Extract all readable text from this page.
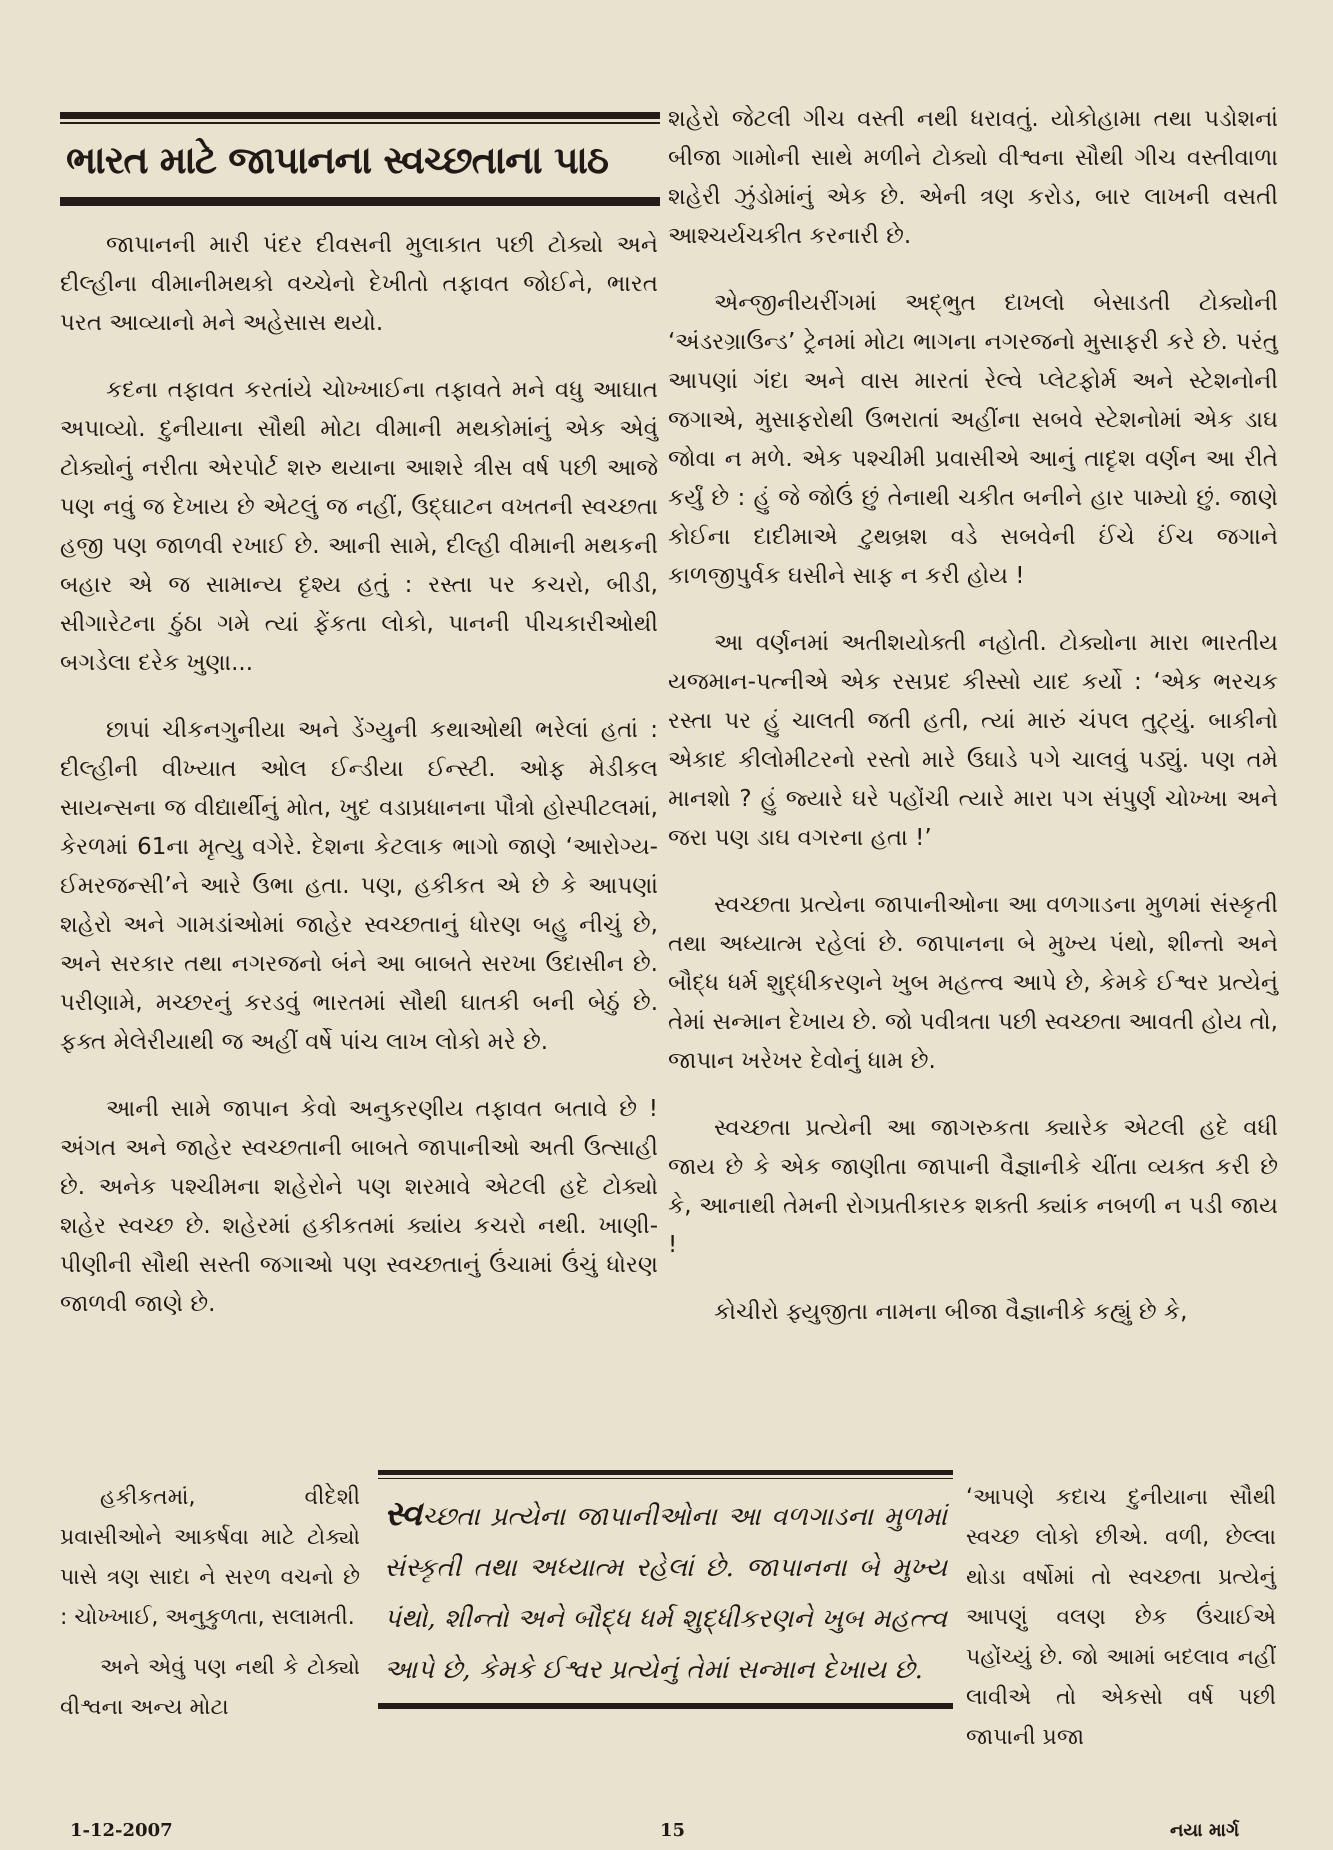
ભારત માટે જાપાનના સ્વચ્છતાના પાઠ

જાપાનની મારી પંદર દીવસની મુલાકાત પછી ટોક્યો અને દીલ્હીના વીમાનીમથકો વચ્ચેનો દેખીતો તફાવત જોઈને, ભારત પરત આવ્યાનો મને અહેસાસ થયો.

કદના તફાવત કરતાંયે ચોખ્ખાઈના તફાવતે મને વધુ આઘાત અપાવ્યો. દુનીયાના સૌથી મોટા વીમાની મથકોમાંનું એક એવું ટોક્યોનું નરીતા એરપોર્ટ શરુ થયાના આશરે ત્રીસ વર્ષ પછી આજે પણ નવું જ દેખાય છે એટલું જ નહીં, ઉદ્‌ઘાટન વખતની સ્વચ્છતા હજી પણ જાળવી રખાઈ છે. આની સામે, દીલ્હી વીમાની મથકની બહાર એ જ સામાન્ય દૃશ્ય હતું : રસ્તા પર કચરો, બીડી, સીગારેટના ઠુંઠા ગમે ત્યાં ફેંકતા લોકો, પાનની પીચકારીઓથી બગડેલા દરેક ખુણા...

છાપાં ચીકનગુનીયા અને ડેંગ્યુની કથાઓથી ભરેલાં હતાં : દીલ્હીની વીખ્યાત ઓલ ઈન્ડીયા ઈન્સ્ટી. ઓફ મેડીકલ સાયન્સના જ વીદ્યાર્થીનું મોત, ખુદ વડાપ્રધાનના પૌત્રો હોસ્પીટલમાં, કેરળમાં 61ના મૃત્યુ વગેરે. દેશના કેટલાક ભાગો જાણે ‘આરોગ્ય-ઈમરજન્સી’ને આરે ઉભા હતા. પણ, હકીકત એ છે કે આપણાં શહેરો અને ગામડાંઓમાં જાહેર સ્વચ્છતાનું ધોરણ બહુ નીચું છે, અને સરકાર તથા નગરજનો બંને આ બાબતે સરખા ઉદાસીન છે. પરીણામે, મચ્છરનું કરડવું ભારતમાં સૌથી ઘાતકી બની બેઠું છે. ફક્ત મેલેરીયાથી જ અહીં વર્ષે પાંચ લાખ લોકો મરે છે.

આની સામે જાપાન કેવો અનુકરણીય તફાવત બતાવે છે ! અંગત અને જાહેર સ્વચ્છતાની બાબતે જાપાનીઓ અતી ઉત્સાહી છે. અનેક પશ્ચીમના શહેરોને પણ શરમાવે એટલી હદે ટોક્યો શહેર સ્વચ્છ છે. શહેરમાં હકીકતમાં ક્યાંય કચરો નથી. ખાણી-પીણીની સૌથી સસ્તી જગાઓ પણ સ્વચ્છતાનું ઉંચામાં ઉંચું ધોરણ જાળવી જાણે છે.

શહેરો જેટલી ગીચ વસ્તી નથી ધરાવતું. યોકોહામા તથા પડોશનાં બીજા ગામોની સાથે મળીને ટોક્યો વીશ્વના સૌથી ગીચ વસ્તીવાળા શહેરી ઝુંડોમાંનું એક છે. એની ત્રણ કરોડ, બાર લાખની વસતી આશ્ચર્યચકીત કરનારી છે.

એન્જીનીયરીંગમાં અદ્‌ભુત દાખલો બેસાડતી ટોક્યોની ‘અંડરગ્રાઉન્ડ’ ટ્રેનમાં મોટા ભાગના નગરજનો મુસાફરી કરે છે. પરંતુ આપણાં ગંદા અને વાસ મારતાં રેલ્વે પ્લેટફોર્મ અને સ્ટેશનોની જગાએ, મુસાફરોથી ઉભરાતાં અહીંના સબવે સ્ટેશનોમાં એક ડાઘ જોવા ન મળે. એક પશ્ચીમી પ્રવાસીએ આનું તાદૃશ વર્ણન આ રીતે કર્યું છે : હું જે જોઉં છું તેનાથી ચકીત બનીને હાર પામ્યો છું. જાણે કોઈના દાદીમાએ ટુથબ્રશ વડે સબવેની ઈંચે ઈંચ જગાને કાળજીપુર્વક ઘસીને સાફ ન કરી હોય !

આ વર્ણનમાં અતીશયોક્તી નહોતી. ટોક્યોના મારા ભારતીય યજમાન-પત્નીએ એક રસપ્રદ કીસ્સો યાદ કર્યો : ‘એક ભરચક રસ્તા પર હું ચાલતી જતી હતી, ત્યાં મારું ચંપલ તુટ્યું. બાકીનો એકાદ કીલોમીટરનો રસ્તો મારે ઉઘાડે પગે ચાલવું પડ્યું. પણ તમે માનશો ? હું જ્યારે ઘરે પહોંચી ત્યારે મારા પગ સંપુર્ણ ચોખ્ખા અને જરા પણ ડાઘ વગરના હતા !’

સ્વચ્છતા પ્રત્યેના જાપાનીઓના આ વળગાડના મુળમાં સંસ્કૃતી તથા અધ્યાત્મ રહેલાં છે. જાપાનના બે મુખ્ય પંથો, શીન્તો અને બૌદ્ધ ધર્મ શુદ્ધીકરણને ખુબ મહત્ત્વ આપે છે, કેમકે ઈશ્વર પ્રત્યેનું તેમાં સન્માન દેખાય છે. જો પવીત્રતા પછી સ્વચ્છતા આવતી હોય તો, જાપાન ખરેખર દેવોનું ધામ છે.

સ્વચ્છતા પ્રત્યેની આ જાગરુકતા ક્યારેક એટલી હદે વધી જાય છે કે એક જાણીતા જાપાની વૈજ્ઞાનીકે ચીંતા વ્યક્ત કરી છે કે, આનાથી તેમની રોગપ્રતીકારક શક્તી ક્યાંક નબળી ન પડી જાય !

કોચીરો ફ્યુજીતા નામના બીજા વૈજ્ઞાનીકે કહ્યું છે કે,

હકીકતમાં, વીદેશી પ્રવાસીઓને આકર્ષવા માટે ટોક્યો પાસે ત્રણ સાદા ને સરળ વચનો છે : ચોખ્ખાઈ, અનુકુળતા, સલામતી.

અને એવું પણ નથી કે ટોક્યો વીશ્વના અન્ય મોટા

સ્વચ્છતા પ્રત્યેના જાપાનીઓના આ વળગાડના મુળમાં સંસ્કૃતી તથા અધ્યાત્મ રહેલાં છે. જાપાનના બે મુખ્ય પંથો, શીન્તો અને બૌદ્ધ ધર્મ શુદ્ધીકરણને ખુબ મહત્ત્વ આપે છે, કેમકે ઈશ્વર પ્રત્યેનું તેમાં સન્માન દેખાય છે.

‘આપણે કદાચ દુનીયાના સૌથી સ્વચ્છ લોકો છીએ. વળી, છેલ્લા થોડા વર્ષોમાં તો સ્વચ્છતા પ્રત્યેનું આપણું વલણ છેક ઉંચાઈએ પહોંચ્યું છે. જો આમાં બદલાવ નહીં લાવીએ તો એકસો વર્ષ પછી જાપાની પ્રજા

1-12-2007	15	નયા માર્ગ
